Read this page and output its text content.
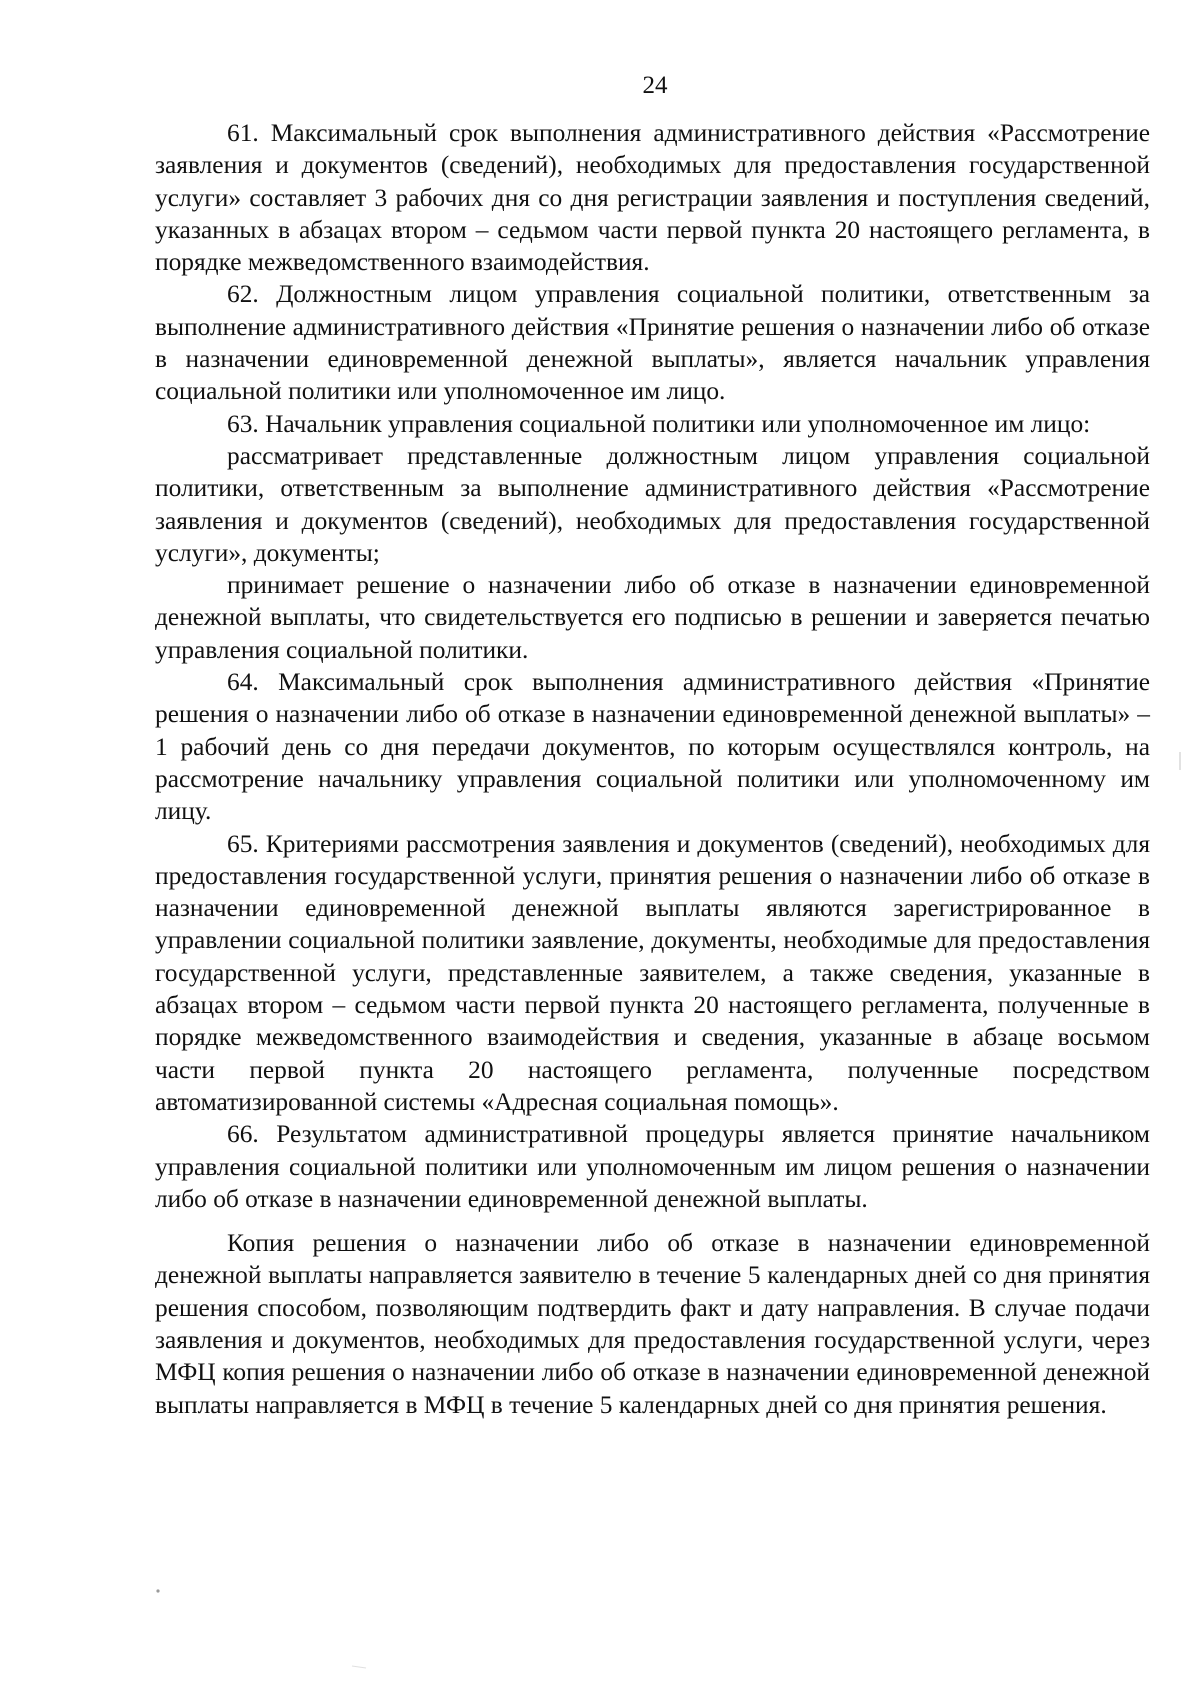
24

61. Максимальный срок выполнения административного действия «Рассмотрение заявления и документов (сведений), необходимых для предоставления государственной услуги» составляет 3 рабочих дня со дня регистрации заявления и поступления сведений, указанных в абзацах втором – седьмом части первой пункта 20 настоящего регламента, в порядке межведомственного взаимодействия.

62. Должностным лицом управления социальной политики, ответственным за выполнение административного действия «Принятие решения о назначении либо об отказе в назначении единовременной денежной выплаты», является начальник управления социальной политики или уполномоченное им лицо.

63. Начальник управления социальной политики или уполномоченное им лицо:

рассматривает представленные должностным лицом управления социальной политики, ответственным за выполнение административного действия «Рассмотрение заявления и документов (сведений), необходимых для предоставления государственной услуги», документы;

принимает решение о назначении либо об отказе в назначении единовременной денежной выплаты, что свидетельствуется его подписью в решении и заверяется печатью управления социальной политики.

64. Максимальный срок выполнения административного действия «Принятие решения о назначении либо об отказе в назначении единовременной денежной выплаты» – 1 рабочий день со дня передачи документов, по которым осуществлялся контроль, на рассмотрение начальнику управления социальной политики или уполномоченному им лицу.

65. Критериями рассмотрения заявления и документов (сведений), необходимых для предоставления государственной услуги, принятия решения о назначении либо об отказе в назначении единовременной денежной выплаты являются зарегистрированное в управлении социальной политики заявление, документы, необходимые для предоставления государственной услуги, представленные заявителем, а также сведения, указанные в абзацах втором – седьмом части первой пункта 20 настоящего регламента, полученные в порядке межведомственного взаимодействия и сведения, указанные в абзаце восьмом части первой пункта 20 настоящего регламента, полученные посредством автоматизированной системы «Адресная социальная помощь».

66. Результатом административной процедуры является принятие начальником управления социальной политики или уполномоченным им лицом решения о назначении либо об отказе в назначении единовременной денежной выплаты.

Копия решения о назначении либо об отказе в назначении единовременной денежной выплаты направляется заявителю в течение 5 календарных дней со дня принятия решения способом, позволяющим подтвердить факт и дату направления. В случае подачи заявления и документов, необходимых для предоставления государственной услуги, через МФЦ копия решения о назначении либо об отказе в назначении единовременной денежной выплаты направляется в МФЦ в течение 5 календарных дней со дня принятия решения.
